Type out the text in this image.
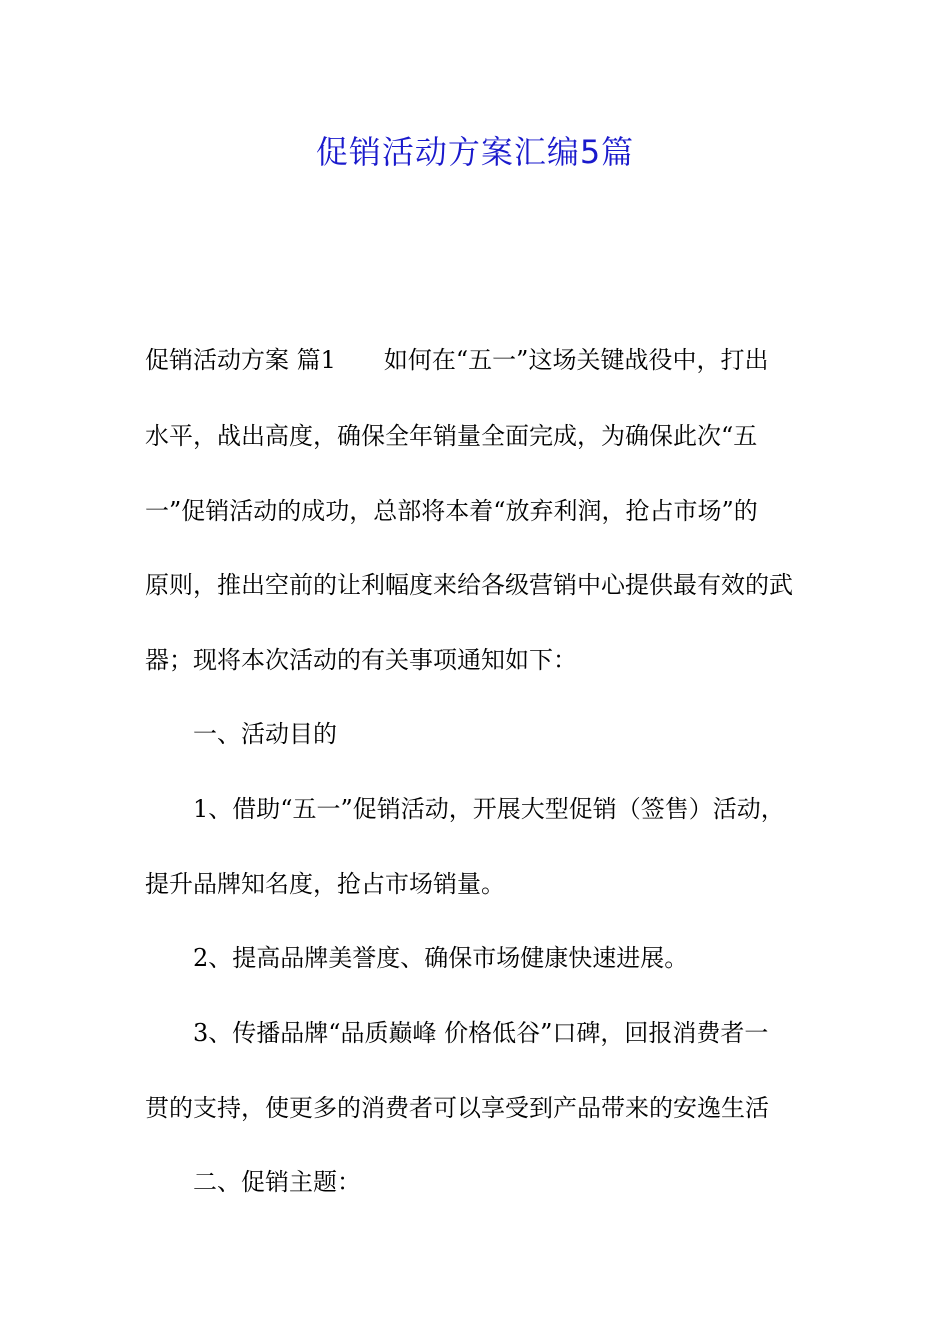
促销活动方案汇编5篇

促销活动方案 篇1 如何在“五一”这场关键战役中，打出

水平，战出高度，确保全年销量全面完成，为确保此次“五

一”促销活动的成功，总部将本着“放弃利润，抢占市场”的

原则，推出空前的让利幅度来给各级营销中心提供最有效的武

器；现将本次活动的有关事项通知如下：

一、活动目的

1、借助“五一”促销活动，开展大型促销（签售）活动，

提升品牌知名度，抢占市场销量。

2、提高品牌美誉度、确保市场健康快速进展。

3、传播品牌“品质巅峰 价格低谷”口碑，回报消费者一

贯的支持，使更多的消费者可以享受到产品带来的安逸生活

二、促销主题：
